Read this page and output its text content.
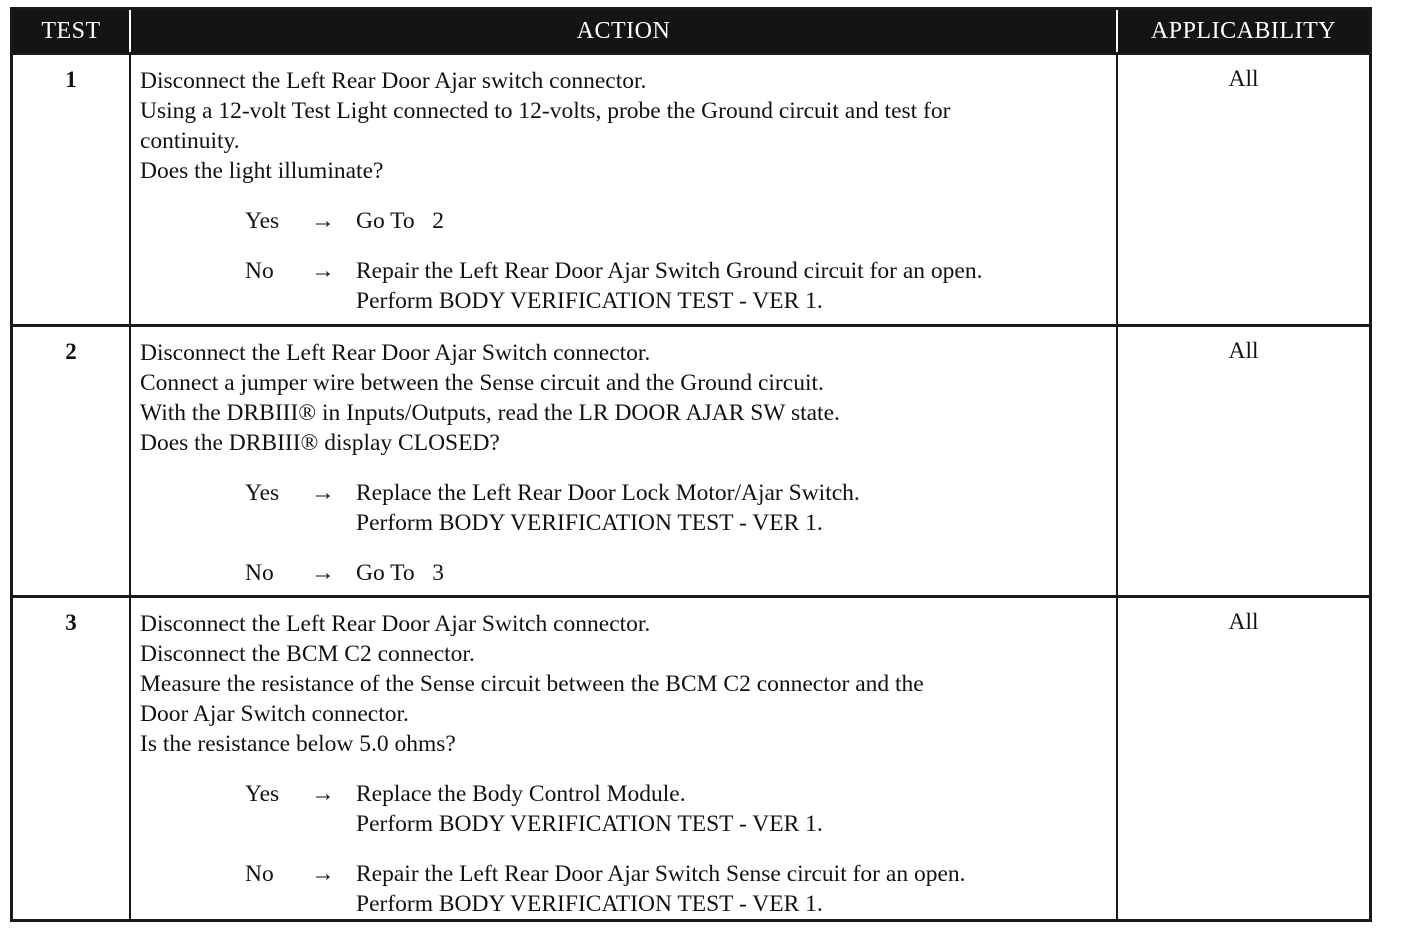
TEST	ACTION	APPLICABILITY
1	Disconnect the Left Rear Door Ajar switch connector.

Using a 12-volt Test Light connected to 12-volts, probe the Ground circuit and test for

continuity.

Does the light illuminate?

Yes	→ Go To   2
No	→ Repair the Left Rear Door Ajar Switch Ground circuit for an open.
Perform BODY VERIFICATION TEST - VER 1.
All
2	Disconnect the Left Rear Door Ajar Switch connector.

Connect a jumper wire between the Sense circuit and the Ground circuit.

With the DRBIII® in Inputs/Outputs, read the LR DOOR AJAR SW state.

Does the DRBIII® display CLOSED?

Yes	→ Replace the Left Rear Door Lock Motor/Ajar Switch.
Perform BODY VERIFICATION TEST - VER 1.
No	→ Go To   3
All
3	Disconnect the Left Rear Door Ajar Switch connector.

Disconnect the BCM C2 connector.

Measure the resistance of the Sense circuit between the BCM C2 connector and the

Door Ajar Switch connector.

Is the resistance below 5.0 ohms?

Yes	→ Replace the Body Control Module.
Perform BODY VERIFICATION TEST - VER 1.
No	→ Repair the Left Rear Door Ajar Switch Sense circuit for an open.
Perform BODY VERIFICATION TEST - VER 1.
All
